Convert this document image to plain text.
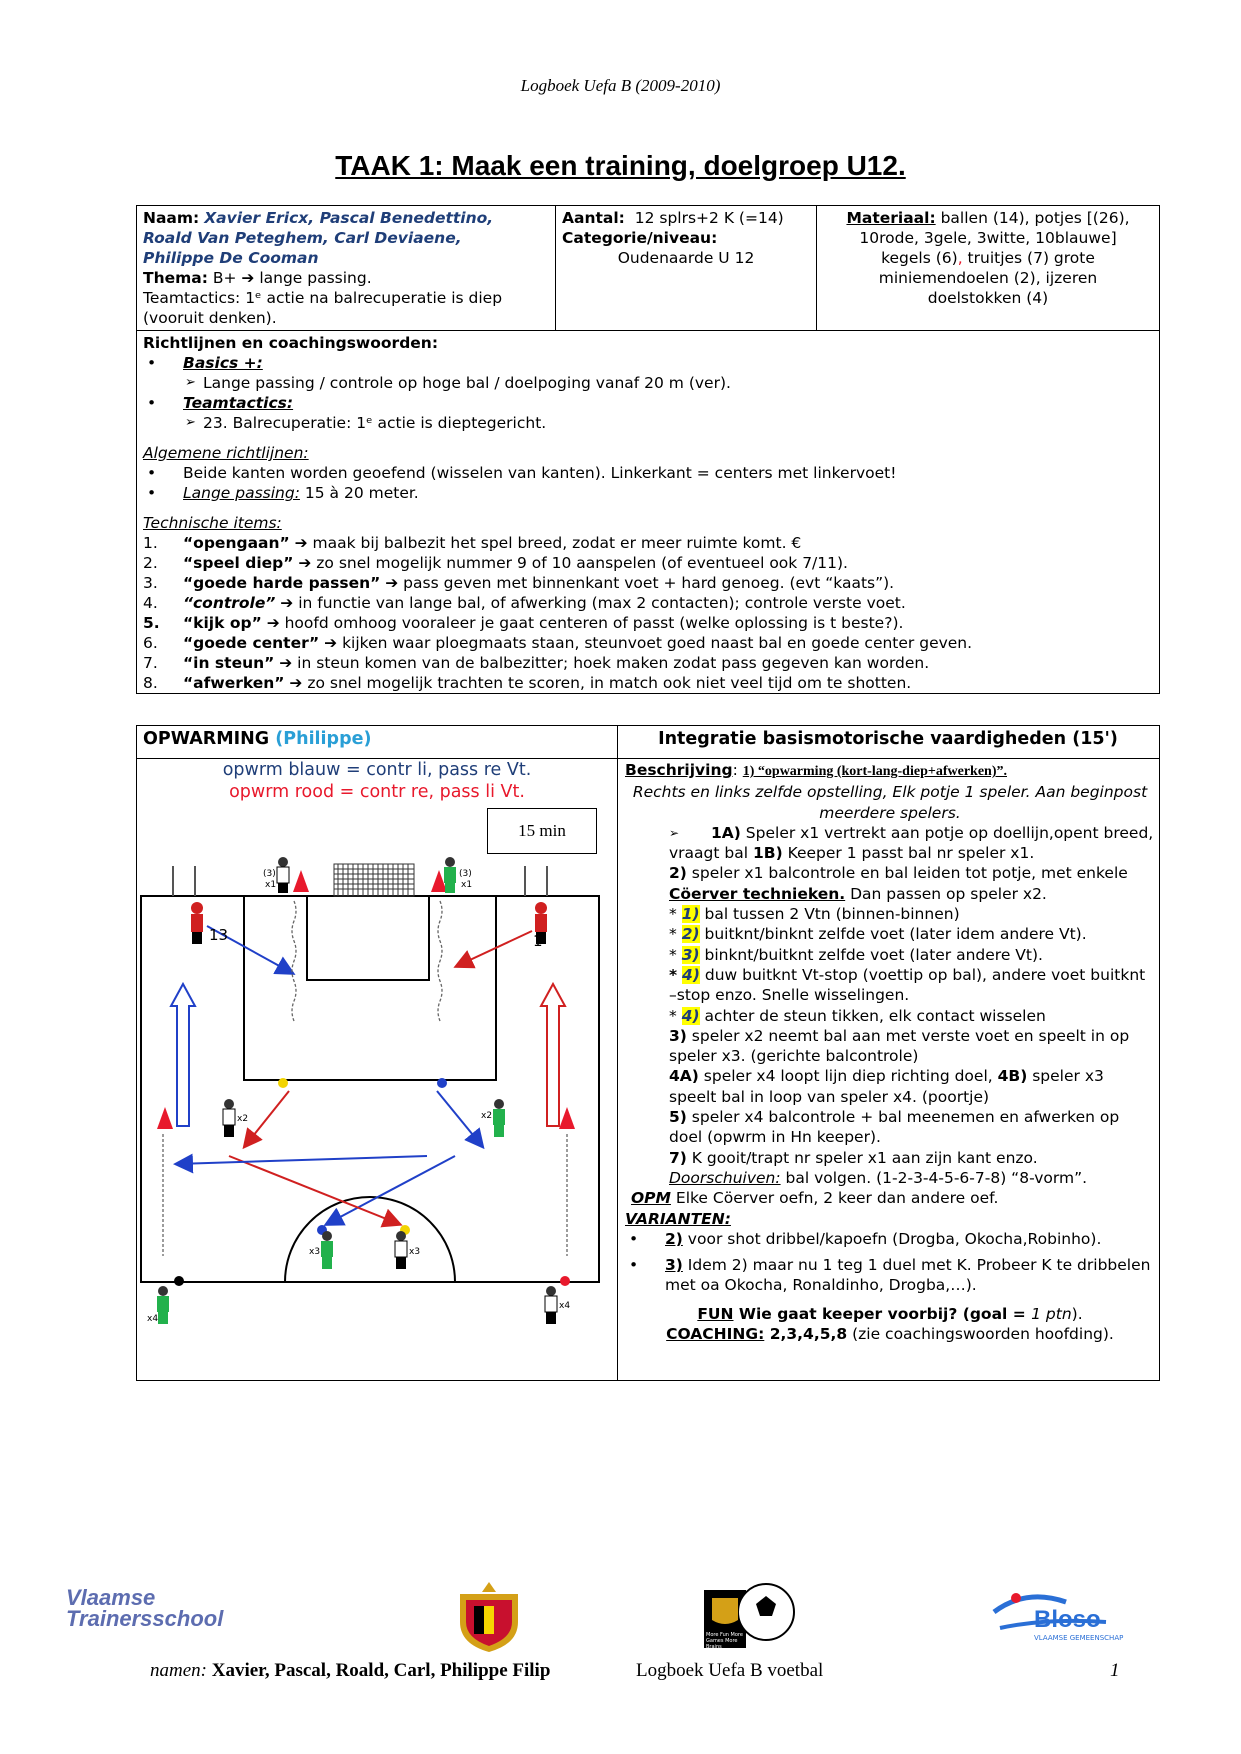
Logboek Uefa B (2009-2010)
TAAK 1: Maak een training, doelgroep U12.
Naam: Xavier Ericx, Pascal Benedettino,
Roald Van Peteghem, Carl Deviaene,
Philippe De Cooman
Thema: B+ ➔ lange passing.
Teamtactics: 1ᵉ actie na balrecuperatie is diep
(vooruit denken).

Aantal: 12 splrs+2 K (=14)
Categorie/niveau:
Oudenaarde U 12

Materiaal: ballen (14), potjes [(26),
10rode, 3gele, 3witte, 10blauwe]
kegels (6), truitjes (7) grote
miniemendoelen (2), ijzeren
doelstokken (4)

Richtlijnen en coachingswoorden:
• Basics +:
➢ Lange passing / controle op hoge bal / doelpoging vanaf 20 m (ver).
• Teamtactics:
➢ 23. Balrecuperatie: 1ᵉ actie is dieptegericht.
Algemene richtlijnen:
• Beide kanten worden geoefend (wisselen van kanten). Linkerkant = centers met linkervoet!
• Lange passing: 15 à 20 meter.
Technische items:
1. “opengaan” ➔ maak bij balbezit het spel breed, zodat er meer ruimte komt. €
2. “speel diep” ➔ zo snel mogelijk nummer 9 of 10 aanspelen (of eventueel ook 7/11).
3. “goede harde passen” ➔ pass geven met binnenkant voet + hard genoeg. (evt “kaats”).
4. “controle” ➔ in functie van lange bal, of afwerking (max 2 contacten); controle verste voet.
5. “kijk op” ➔ hoofd omhoog vooraleer je gaat centeren of passt (welke oplossing is t beste?).
6. “goede center” ➔ kijken waar ploegmaats staan, steunvoet goed naast bal en goede center geven.
7. “in steun” ➔ in steun komen van de balbezitter; hoek maken zodat pass gegeven kan worden.
8. “afwerken” ➔ zo snel mogelijk trachten te scoren, in match ook niet veel tijd om te shotten.
OPWARMING (Philippe)	Integratie basismotorische vaardigheden (15')
opwrm blauw = contr li, pass re Vt.
opwrm rood = contr re, pass li Vt.
15 min
(3)
x1
(3)
x1
x2	x2
x3	x3
x4
x4
13	1
Beschrijving: 1) “opwarming (kort-lang-diep+afwerken)”.
Rechts en links zelfde opstelling, Elk potje 1 speler. Aan beginpost meerdere spelers.
➢ 1A) Speler x1 vertrekt aan potje op doellijn,opent breed, vraagt bal 1B) Keeper 1 passt bal nr speler x1.
2) speler x1 balcontrole en bal leiden tot potje, met enkele Cöerver technieken. Dan passen op speler x2.
* 1) bal tussen 2 Vtn (binnen-binnen)
* 2) buitknt/binknt zelfde voet (later idem andere Vt).
* 3) binknt/buitknt zelfde voet (later andere Vt).
* 4) duw buitknt Vt-stop (voettip op bal), andere voet buitknt –stop enzo. Snelle wisselingen.
* 4) achter de steun tikken, elk contact wisselen
3) speler x2 neemt bal aan met verste voet en speelt in op speler x3. (gerichte balcontrole)
4A) speler x4 loopt lijn diep richting doel, 4B) speler x3 speelt bal in loop van speler x4. (poortje)
5) speler x4 balcontrole + bal meenemen en afwerken op doel (opwrm in Hn keeper).
7) K gooit/trapt nr speler x1 aan zijn kant enzo.
Doorschuiven: bal volgen. (1-2-3-4-5-6-7-8) “8-vorm”.
OPM Elke Cöerver oefn, 2 keer dan andere oef.
VARIANTEN:
• 2) voor shot dribbel/kapoefn (Drogba, Okocha,Robinho).
• 3) Idem 2) maar nu 1 teg 1 duel met K. Probeer K te dribbelen met oa Okocha, Ronaldinho, Drogba,…).
FUN Wie gaat keeper voorbij? (goal = 1 ptn).
COACHING: 2,3,4,5,8 (zie coachingswoorden hoofding).
Vlaamse
Trainersschool
More Fun More Games More Brains
Bloso
VLAAMSE GEMEENSCHAP
namen: Xavier, Pascal, Roald, Carl, Philippe Filip	Logboek Uefa B voetbal	1
